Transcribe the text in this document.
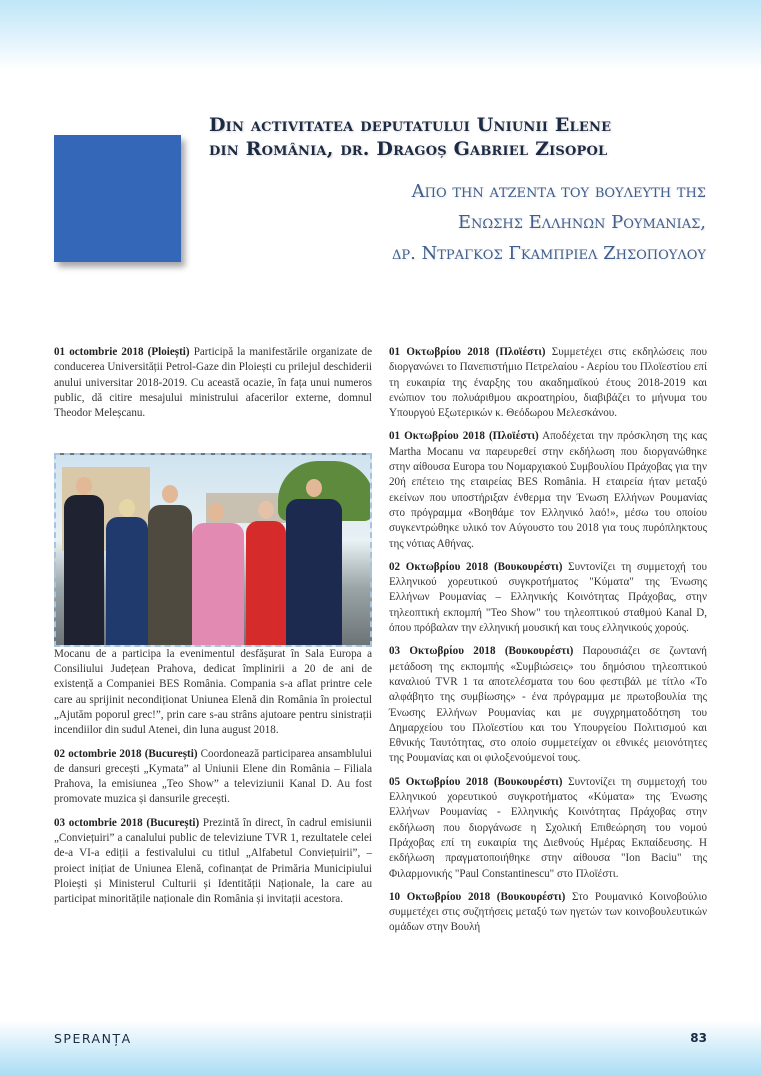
Din activitatea deputatului Uniunii Elene
din România, dr. Dragoș Gabriel Zisopol
Απο την ατζεντα του βουλευτη της
Ενωσης Ελληνων Ρουμανιας,
δρ. Ντραγκος Γκαμπριελ Ζησοπουλου

01 octombrie 2018 (Ploiești) Participă la manifestările organizate de conducerea Universității Petrol-Gaze din Ploiești cu prilejul deschiderii anului universitar 2018-2019. Cu această ocazie, în fața unui numeros public, dă citire mesajului ministrului afacerilor externe, domnul Theodor Meleșcanu.

Mocanu de a participa la evenimentul desfășurat în Sala Europa a Consiliului Județean Prahova, dedicat împlinirii a 20 de ani de existență a Companiei BES România. Compania s-a aflat printre cele care au sprijinit necondiționat Uniunea Elenă din România în proiectul „Ajutăm poporul grec!”, prin care s-au strâns ajutoare pentru sinistrații incendiilor din sudul Atenei, din luna august 2018.

02 octombrie 2018 (București) Coordonează participarea ansamblului de dansuri grecești „Kymata” al Uniunii Elene din România – Filiala Prahova, la emisiunea „Teo Show” a televiziunii Kanal D. Au fost promovate muzica și dansurile grecești.

03 octombrie 2018 (București) Prezintă în direct, în cadrul emisiunii „Conviețuiri” a canalului public de televiziune TVR 1, rezultatele celei de-a VI-a ediții a festivalului cu titlul „Alfabetul Conviețuirii”, – proiect inițiat de Uniunea Elenă, cofinanțat de Primăria Municipiului Ploiești și Ministerul Culturii și Identității Naționale, la care au participat minoritățile naționale din România și invitații acestora.

01 Οκτωβρίου 2018 (Πλοϊέστι) Συμμετέχει στις εκδηλώσεις που διοργανώνει το Πανεπιστήμιο Πετρελαίου - Αερίου του Πλοϊεστίου επί τη ευκαιρία της έναρξης του ακαδημαϊκού έτους 2018-2019 και ενώπιον του πολυάριθμου ακροατηρίου, διαβιβάζει το μήνυμα του Υπουργού Εξωτερικών κ. Θεόδωρου Μελεσκάνου.

01 Οκτωβρίου 2018 (Πλοϊέστι) Αποδέχεται την πρόσκληση της κας Martha Mocanu να παρευρεθεί στην εκδήλωση που διοργανώθηκε στην αίθουσα Europa του Νομαρχιακού Συμβουλίου Πράχοβας για την 20ή επέτειο της εταιρείας BES România. Η εταιρεία ήταν μεταξύ εκείνων που υποστήριξαν ένθερμα την Ένωση Ελλήνων Ρουμανίας στο πρόγραμμα «Βοηθάμε τον Ελληνικό λαό!», μέσω του οποίου συγκεντρώθηκε υλικό τον Αύγουστο του 2018 για τους πυρόπληκτους της νότιας Αθήνας.

02 Οκτωβρίου 2018 (Βουκουρέστι) Συντονίζει τη συμμετοχή του Ελληνικού χορευτικού συγκροτήματος "Κύματα" της Ένωσης Ελλήνων Ρουμανίας – Ελληνικής Κοινότητας Πράχοβας, στην τηλεοπτική εκπομπή "Teo Show" του τηλεοπτικού σταθμού Kanal D, όπου πρόβαλαν την ελληνική μουσική και τους ελληνικούς χορούς.

03 Οκτωβρίου 2018 (Βουκουρέστι) Παρουσιάζει σε ζωντανή μετάδοση της εκπομπής «Συμβιώσεις» του δημόσιου τηλεοπτικού καναλιού TVR 1 τα αποτελέσματα του 6ου φεστιβάλ με τίτλο «Το αλφάβητο της συμβίωσης» - ένα πρόγραμμα με πρωτοβουλία της Ένωσης Ελλήνων Ρουμανίας και με συγχρηματοδότηση του Δημαρχείου του Πλοϊεστίου και του Υπουργείου Πολιτισμού και Εθνικής Ταυτότητας, στο οποίο συμμετείχαν οι εθνικές μειονότητες της Ρουμανίας και οι φιλοξενούμενοί τους.

05 Οκτωβρίου 2018 (Βουκουρέστι) Συντονίζει τη συμμετοχή του Ελληνικού χορευτικού συγκροτήματος «Κύματα» της Ένωσης Ελλήνων Ρουμανίας - Ελληνικής Κοινότητας Πράχοβας στην εκδήλωση που διοργάνωσε η Σχολική Επιθεώρηση του νομού Πράχοβας επί τη ευκαιρία της Διεθνούς Ημέρας Εκπαίδευσης. Η εκδήλωση πραγματοποιήθηκε στην αίθουσα "Ion Baciu" της Φιλαρμονικής "Paul Constantinescu" στο Πλοϊέστι.

10 Οκτωβρίου 2018 (Βουκουρέστι) Στο Ρουμανικό Κοινοβούλιο συμμετέχει στις συζητήσεις μεταξύ των ηγετών των κοινοβουλευτικών ομάδων στην Βουλή

SPERANȚA	83
